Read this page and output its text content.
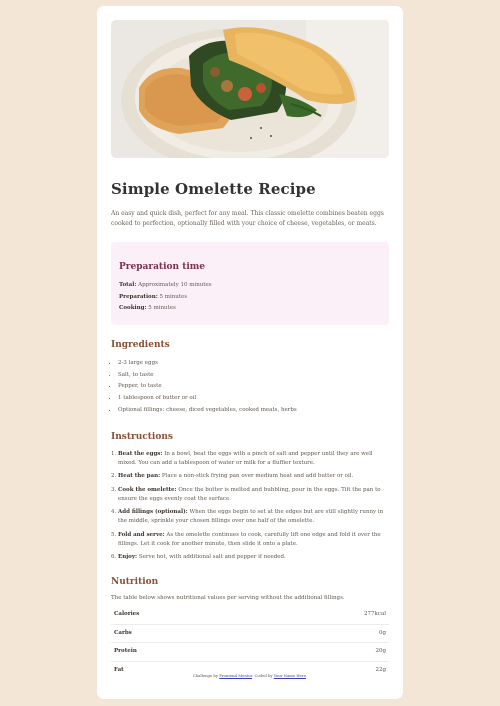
Simple Omelette Recipe

An easy and quick dish, perfect for any meal. This classic omelette combines beaten eggs cooked to perfection, optionally filled with your choice of cheese, vegetables, or meats.

Preparation time
Total: Approximately 10 minutes
Preparation: 5 minutes
Cooking: 5 minutes
Ingredients
• 2-3 large eggs
• Salt, to taste
• Pepper, to taste
• 1 tablespoon of butter or oil
• Optional fillings: cheese, diced vegetables, cooked meats, herbs
Instructions
1. Beat the eggs: In a bowl, beat the eggs with a pinch of salt and pepper until they are well mixed. You can add a tablespoon of water or milk for a fluffier texture.
2. Heat the pan: Place a non-stick frying pan over medium heat and add butter or oil.
3. Cook the omelette: Once the butter is melted and bubbling, pour in the eggs. Tilt the pan to ensure the eggs evenly coat the surface.
4. Add fillings (optional): When the eggs begin to set at the edges but are still slightly runny in the middle, sprinkle your chosen fillings over one half of the omelette.
5. Fold and serve: As the omelette continues to cook, carefully lift one edge and fold it over the fillings. Let it cook for another minute, then slide it onto a plate.
6. Enjoy: Serve hot, with additional salt and pepper if needed.
Nutrition

The table below shows nutritional values per serving without the additional fillings.

Calories	277kcal
Carbs	0g
Protein	20g
Fat	22g
Challenge by Frontend Mentor. Coded by Your Name Here.
